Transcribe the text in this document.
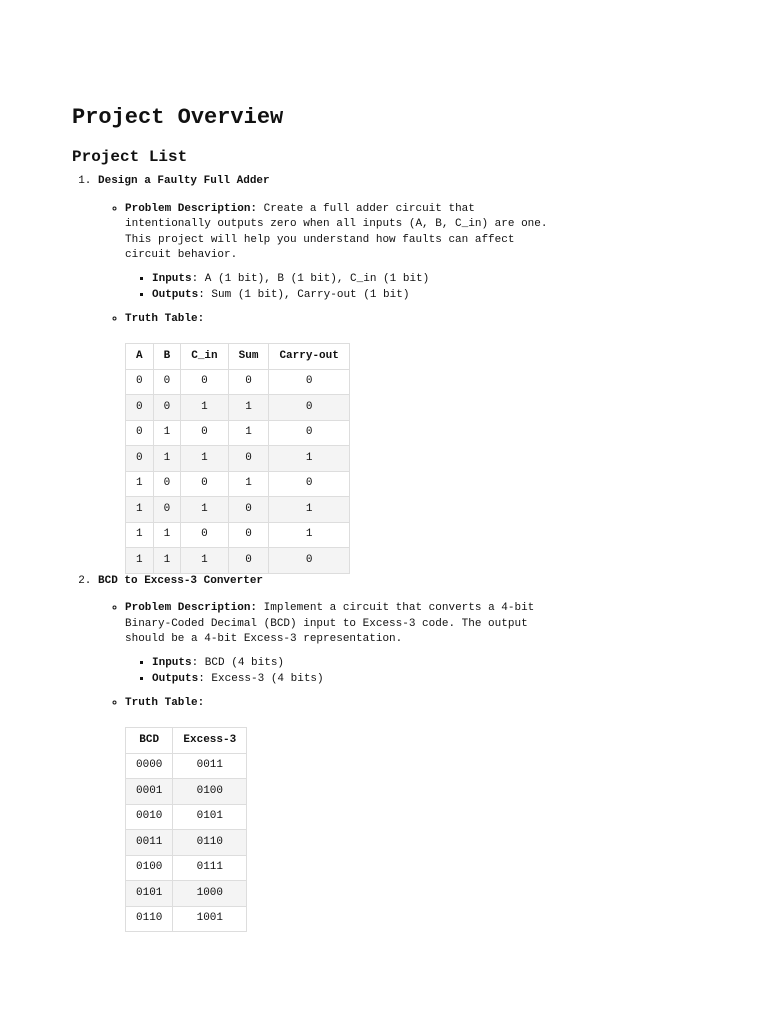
Project Overview
Project List
1. Design a Faulty Full Adder
◦ Problem Description: Create a full adder circuit that intentionally outputs zero when all inputs (A, B, C_in) are one. This project will help you understand how faults can affect circuit behavior.
▪ Inputs: A (1 bit), B (1 bit), C_in (1 bit)
▪ Outputs: Sum (1 bit), Carry-out (1 bit)
◦ Truth Table:
A	B	C_in	Sum	Carry-out
0	0	0	0	0
0	0	1	1	0
0	1	0	1	0
0	1	1	0	1
1	0	0	1	0
1	0	1	0	1
1	1	0	0	1
1	1	1	0	0
2. BCD to Excess-3 Converter
◦ Problem Description: Implement a circuit that converts a 4-bit Binary-Coded Decimal (BCD) input to Excess-3 code. The output should be a 4-bit Excess-3 representation.
▪ Inputs: BCD (4 bits)
▪ Outputs: Excess-3 (4 bits)
◦ Truth Table:
BCD	Excess-3
0000	0011
0001	0100
0010	0101
0011	0110
0100	0111
0101	1000
0110	1001
